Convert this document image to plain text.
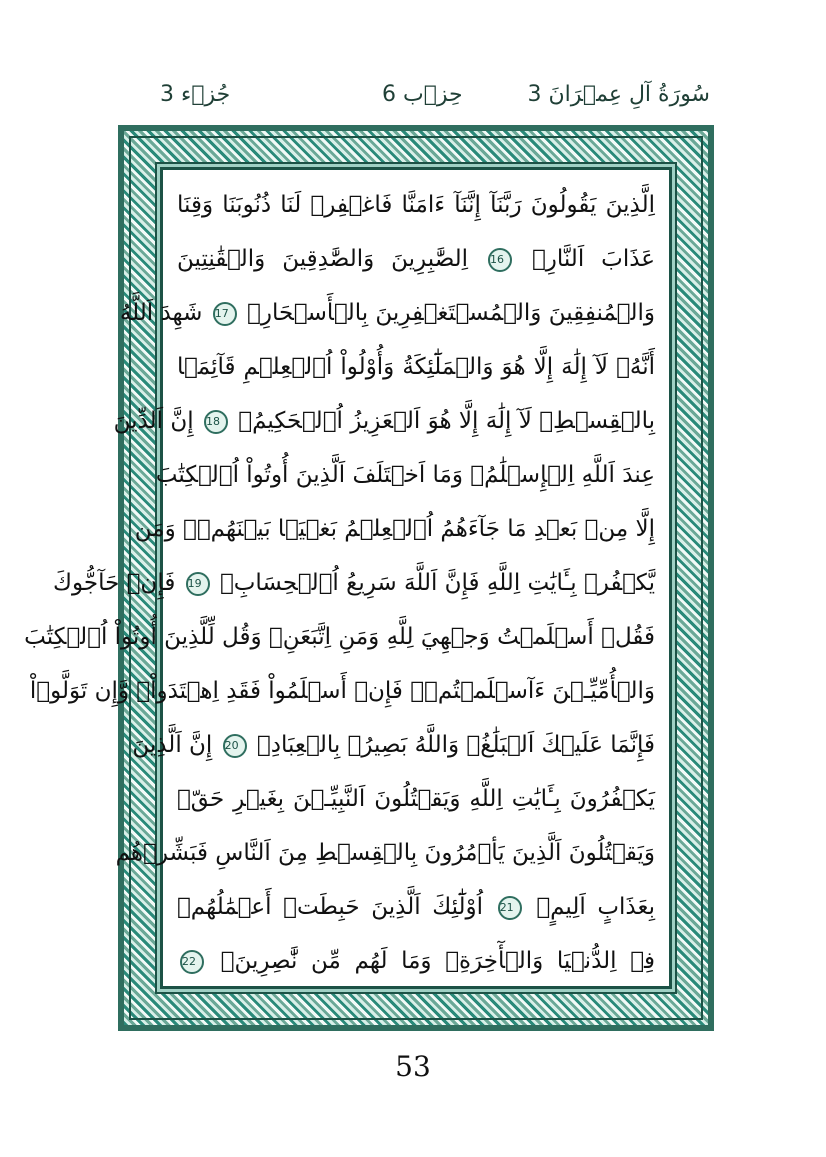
جُزۡء 3	حِزۡب 6	3 سُورَةُ آلِ عِمۡرَانَ
اِلَّذِينَ يَقُولُونَ رَبَّنَآ إِنَّنَآ ءَامَنَّا فَاغۡفِرۡ لَنَا ذُنُوبَنَا وَقِنَا
عَذَابَ اَلنَّارِۖ 16 اِلصَّٰبِرِينَ وَالصَّٰدِقِينَ وَالۡقَٰنِتِينَ
وَالۡمُنفِقِينَ وَالۡمُسۡتَغۡفِرِينَ بِالۡأَسۡحَارِۖ 17 شَهِدَ اَللَّهُ
أَنَّهُۥ لَآ إِلَٰهَ إِلَّا هُوَ وَالۡمَلَٰٓئِكَةُ وَأُوْلُواْ اُ۬لۡعِلۡمِ قَآئِمَۢا
بِالۡقِسۡطِۖ لَآ إِلَٰهَ إِلَّا هُوَ اَلۡعَزِيزُ اُ۬لۡحَكِيمُۖ 18 إِنَّ اَلدِّينَ
عِندَ اَللَّهِ اِلۡإِسۡلَٰمُۖ وَمَا اَخۡتَلَفَ اَلَّذِينَ أُوتُواْ اُ۬لۡكِتَٰبَ
إِلَّا مِنۢ بَعۡدِ مَا جَآءَهُمُ اُ۬لۡعِلۡمُ بَغۡيَۢا بَيۡنَهُمۡۖ وَمَن
يَّكۡفُرۡ بِـَٔايَٰتِ اِللَّهِ فَإِنَّ اَللَّهَ سَرِيعُ اُ۬لۡحِسَابِۖ 19 فَإِنۡ حَآجُّوكَ
فَقُلۡ أَسۡلَمۡتُ وَجۡهِيَ لِلَّهِ وَمَنِ اِتَّبَعَنِۖ وَقُل لِّلَّذِينَ أُوتُواْ اُ۬لۡكِتَٰبَ
وَالۡأُمِّيِّـۧنَ ءَآسۡلَمۡتُمۡۖ فَإِنۡ أَسۡلَمُواْ فَقَدِ اِهۡتَدَواْۖ وَّإِن تَوَلَّوۡاْ
فَإِنَّمَا عَلَيۡكَ اَلۡبَلَٰغُۖ وَاللَّهُ بَصِيرُۢ بِالۡعِبَادِۖ 20 إِنَّ اَلَّذِينَ
يَكۡفُرُونَ بِـَٔايَٰتِ اِللَّهِ وَيَقۡتُلُونَ اَلنَّبِيِّـۧنَ بِغَيۡرِ حَقّٖ
وَيَقۡتُلُونَ اَلَّذِينَ يَأۡمُرُونَ بِالۡقِسۡطِ مِنَ اَلنَّاسِ فَبَشِّرۡهُم
بِعَذَابٍ اَلِيمٍۖ 21 اُوْلَٰٓئِكَ اَلَّذِينَ حَبِطَتۡ أَعۡمَٰلُهُمۡ
فِے اِلدُّنۡيَا وَالۡأٓخِرَةِۖ وَمَا لَهُم مِّن نَّٰصِرِينَۖ 22
53
